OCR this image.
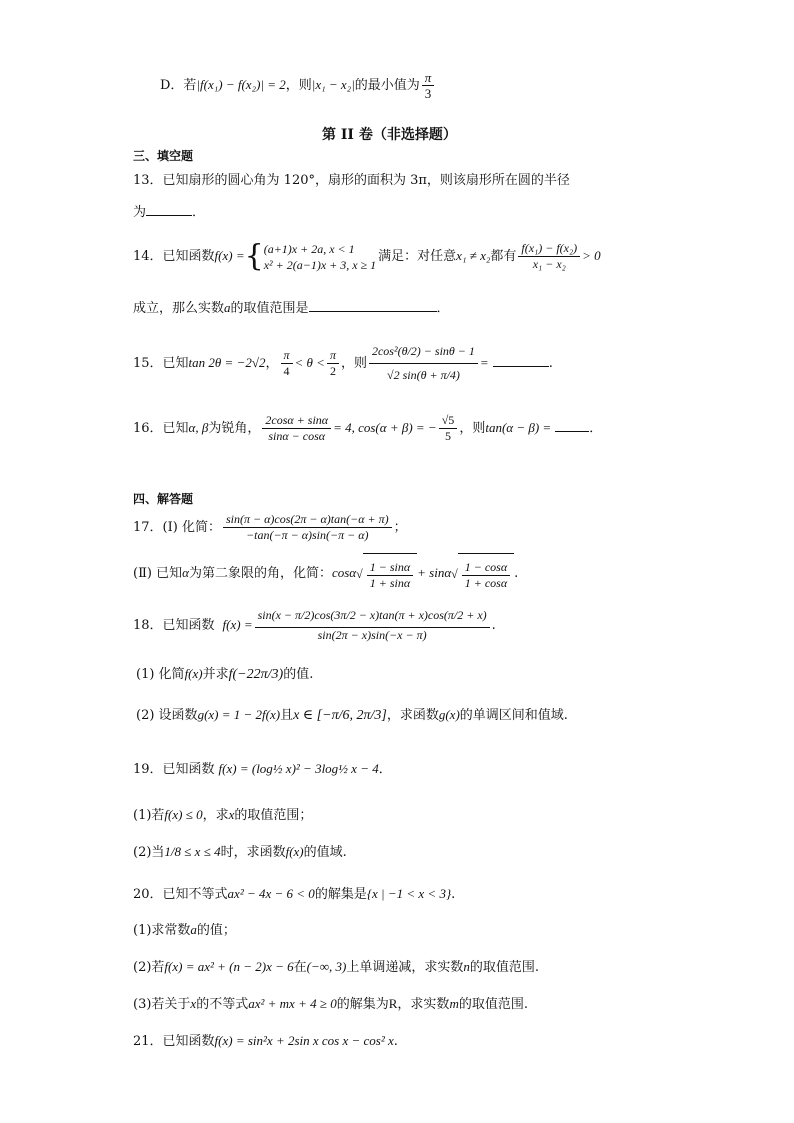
D．若|f(x₁) − f(x₂)| = 2，则|x₁ − x₂|的最小值为 $\frac{\pi}{3}$
第 II 卷（非选择题）
三、填空题
13．已知扇形的圆心角为 120°，扇形的面积为 3π，则该扇形所在圆的半径
为	．
14．已知函数f(x) ={ (a+1)x + 2a, x < 1
x² + 2(a−1)x + 3, x ≥ 1
满足：对任意x₁ ≠ x₂都有 $\frac{\text{f(x₁) − f(x₂)}}{\text{x₁ − x₂}} > 0$
成立，那么实数a的取值范围是	．
15．已知tan 2θ = −2√2， $\frac{\pi}{4} < \theta < \frac{\pi}{2}$ ，则 $\frac{\text{2cos²(θ/2) − sinθ − 1}}{√2 \sin(\theta + \pi/4)}$ =	.
16．已知α, β为锐角， $\frac{2\cos\alpha + \sin\alpha}{\sin\alpha - \cos\alpha} = 4$, cos(α + β) = − $\frac{√5}{5}$ ，则tan(α − β) =	．
四、解答题
17．(Ⅰ) 化简： $\frac{\sin(\pi - \alpha)\cos(2\pi - \alpha)\tan(-\alpha + \pi)}{-\tan(-\pi - \alpha)\sin(-\pi - \alpha)}$ ；
(Ⅱ) 已知α为第二象限的角，化简：$\cos\alpha√ \frac{1 - \sin\alpha}{1 + \sin\alpha} + \sin\alpha√ \frac{1 - \cos\alpha}{1 + \cos\alpha}$ .
18．已知函数 $f(x) = \frac{\sin(x - \pi/2)\cos(3\pi/2 - x)\tan(\pi + x)\cos(\pi/2 + x)}{\sin(2\pi - x)\sin(-x - \pi)}$ .
(1) 化简f(x)并求f(−22π/3)的值.
(2) 设函数g(x) = 1 − 2f(x)且x ∈ [−π/6, 2π/3]，求函数g(x)的单调区间和值域.
19．已知函数 f(x) = (log½ x)² − 3log½ x − 4．
(1)若f(x) ≤ 0，求x的取值范围；
(2)当1/8 ≤ x ≤ 4时，求函数f(x)的值域.
20．已知不等式ax² − 4x − 6 < 0的解集是{x | −1 < x < 3}.
(1)求常数a的值；
(2)若f(x) = ax² + (n − 2)x − 6在(−∞, 3)上单调递减，求实数n的取值范围.
(3)若关于x的不等式ax² + mx + 4 ≥ 0的解集为R，求实数m的取值范围.
21．已知函数f(x) = sin²x + 2sin x cos x − cos² x.
